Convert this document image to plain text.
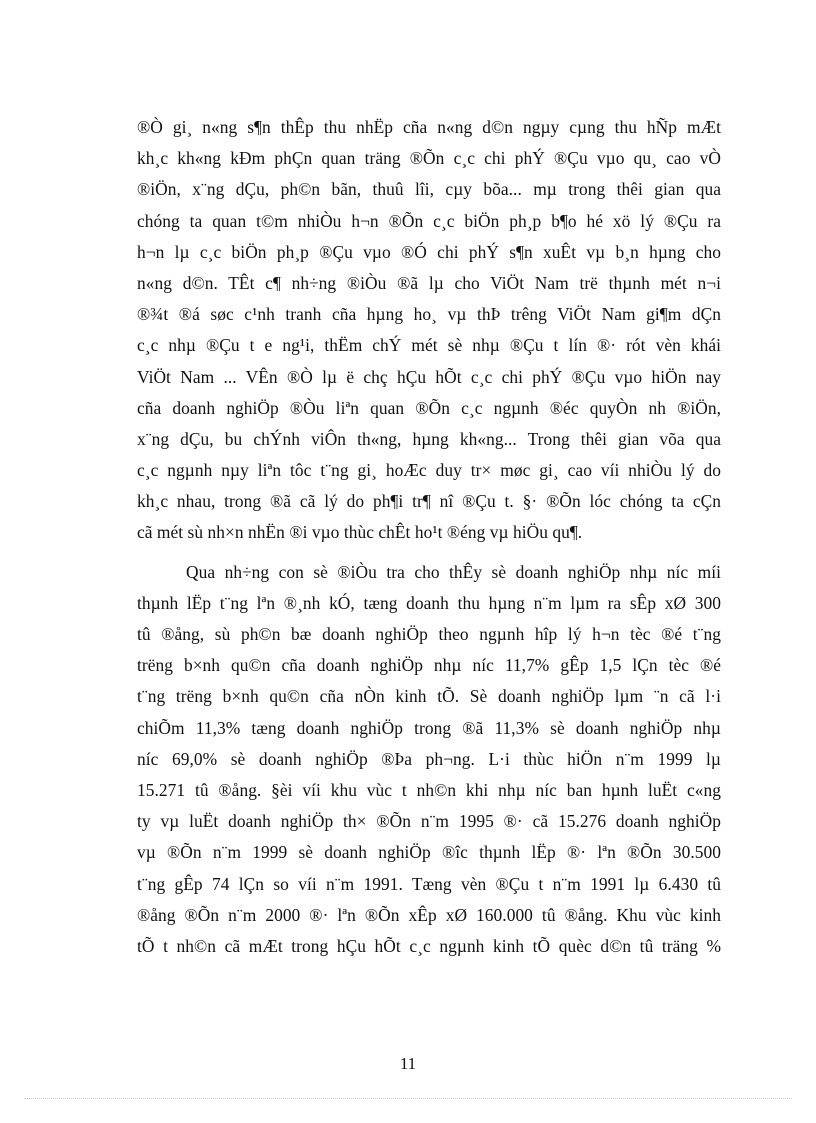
®Ò gi¸ n«ng s¶n thÊp thu nhËp cña n«ng d©n ngµy cµng thu hÑp mÆt
kh¸c kh«ng kÐm phÇn quan träng ®Õn c¸c chi phÝ ®Çu vµo qu¸ cao vÒ
®iÖn, x¨ng dÇu, ph©n bãn, thuû lîi, cµy bõa... mµ trong thêi gian qua
chóng ta quan t©m nhiÒu h¬n ®Õn c¸c biÖn ph¸p b¶o hé xö lý ®Çu ra
h¬n lµ c¸c biÖn ph¸p ®Çu vµo ®Ó chi phÝ s¶n xuÊt vµ b¸n hµng cho
n«ng d©n. TÊt c¶ nh÷ng ®iÒu ®ã lµ cho ViÖt Nam trë thµnh mét n¬i
®¾t ®á søc c¹nh tranh cña hµng ho¸ vµ thÞ trêng ViÖt Nam gi¶m dÇn
c¸c nhµ ®Çu t e ng¹i, thËm chÝ mét sè nhµ ®Çu t lín ®· rót vèn khái
ViÖt Nam ... VÊn ®Ò lµ ë chç hÇu hÕt c¸c chi phÝ ®Çu vµo hiÖn nay
cña doanh nghiÖp ®Òu liªn quan ®Õn c¸c ngµnh ®éc quyÒn nh ®iÖn,
x¨ng dÇu, bu chÝnh viÔn th«ng, hµng kh«ng... Trong thêi gian võa qua
c¸c ngµnh nµy liªn tôc t¨ng gi¸ hoÆc duy tr× møc gi¸ cao víi nhiÒu lý do
kh¸c nhau, trong ®ã cã lý do ph¶i tr¶ nî ®Çu t. §· ®Õn lóc chóng ta cÇn
cã mét sù nh×n nhËn ®i vµo thùc chÊt ho¹t ®éng vµ hiÖu qu¶.
Qua nh÷ng con sè ®iÒu tra cho thÊy sè doanh nghiÖp nhµ níc míi
thµnh lËp t¨ng lªn ®¸nh kÓ, tæng doanh thu hµng n¨m lµm ra sÊp xØ 300
tû ®ång, sù ph©n bæ doanh nghiÖp theo ngµnh hîp lý h¬n tèc ®é t¨ng
trëng b×nh qu©n cña doanh nghiÖp nhµ níc 11,7% gÊp 1,5 lÇn tèc ®é
t¨ng trëng b×nh qu©n cña nÒn kinh tÕ. Sè doanh nghiÖp lµm ¨n cã l·i
chiÕm 11,3% tæng doanh nghiÖp trong ®ã 11,3% sè doanh nghiÖp nhµ
níc 69,0% sè doanh nghiÖp ®Þa ph¬ng. L·i thùc hiÖn n¨m 1999 lµ
15.271 tû ®ång. §èi víi khu vùc t nh©n khi nhµ níc ban hµnh luËt c«ng
ty vµ luËt doanh nghiÖp th× ®Õn n¨m 1995 ®· cã 15.276 doanh nghiÖp
vµ ®Õn n¨m 1999 sè doanh nghiÖp ®îc thµnh lËp ®· lªn ®Õn 30.500
t¨ng gÊp 74 lÇn so víi n¨m 1991. Tæng vèn ®Çu t n¨m 1991 lµ 6.430 tû
®ång ®Õn n¨m 2000 ®· lªn ®Õn xÊp xØ 160.000 tû ®ång. Khu vùc kinh
tÕ t nh©n cã mÆt trong hÇu hÕt c¸c ngµnh kinh tÕ quèc d©n tû träng %
11
